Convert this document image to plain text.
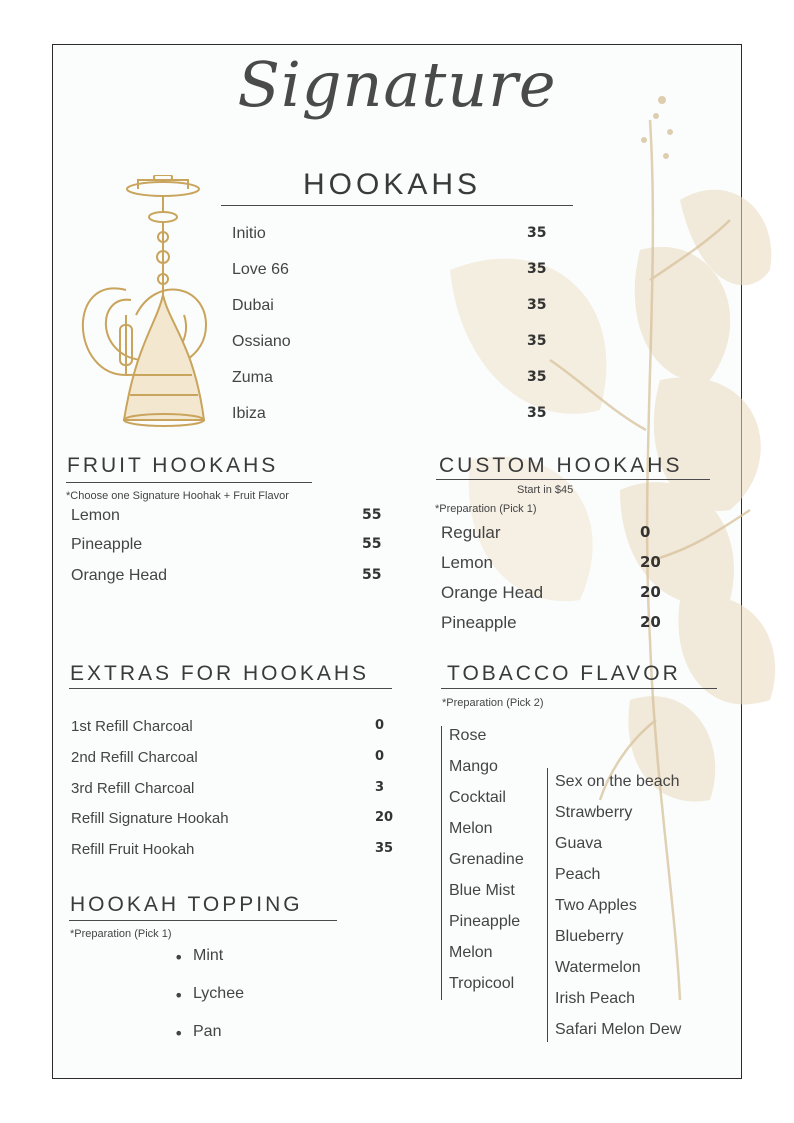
Signature
HOOKAHS
Initio	35
Love 66	35
Dubai	35
Ossiano	35
Zuma	35
Ibiza	35
FRUIT HOOKAHS
*Choose one Signature Hoohak + Fruit Flavor
Lemon	55
Pineapple	55
Orange Head	55
CUSTOM HOOKAHS
Start in $45
*Preparation (Pick 1)
Regular	0
Lemon	20
Orange Head	20
Pineapple	20
EXTRAS FOR HOOKAHS
1st Refill Charcoal	0
2nd Refill Charcoal	0
3rd Refill Charcoal	3
Refill Signature Hookah	20
Refill Fruit Hookah	35
HOOKAH TOPPING
*Preparation (Pick 1)
• Mint
• Lychee
• Pan
TOBACCO FLAVOR
*Preparation (Pick 2)
Rose
Mango
Cocktail
Melon
Grenadine
Blue Mist
Pineapple
Melon
Tropicool
Sex on the beach
Strawberry
Guava
Peach
Two Apples
Blueberry
Watermelon
Irish Peach
Safari Melon Dew
